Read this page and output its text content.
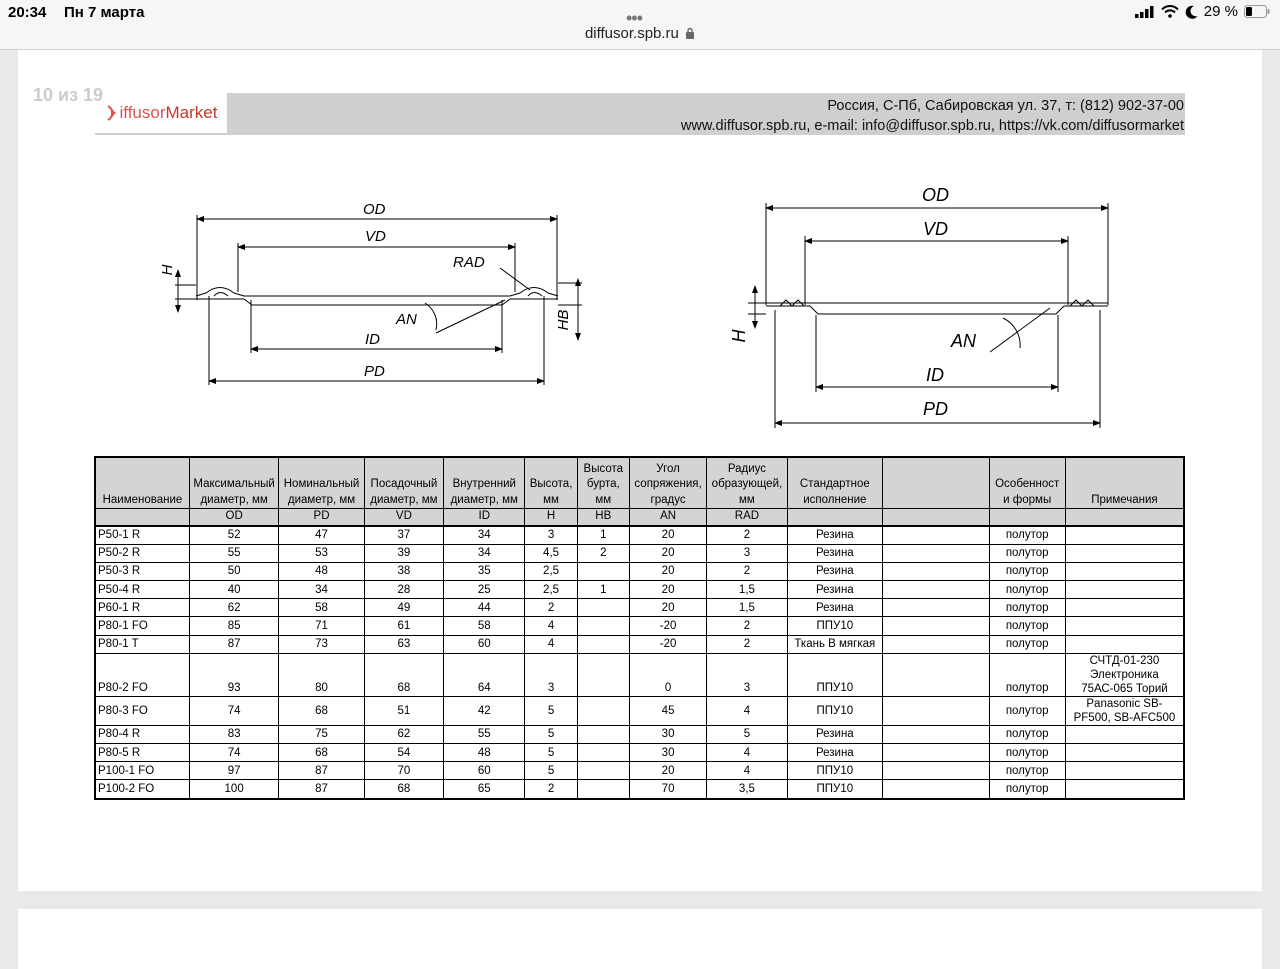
20:34 Пн 7 марта	•••
diffusor.spb.ru
29 %
10 из 19
iffusor Market	Россия, С-Пб, Сабировская ул. 37, т: (812) 902-37-00
www.diffusor.spb.ru, e-mail: info@diffusor.spb.ru, https://vk.com/diffusormarket
OD
VD
RAD
AN
ID
PD
H
HB
OD
VD
AN
ID
PD
H
Наименование	Максимальный диаметр, мм	Номинальный диаметр, мм	Посадочный диаметр, мм	Внутренний диаметр, мм	Высота, мм	Высота бурта, мм	Угол сопряжения, градус	Радиус образующей, мм	Стандартное исполнение		Особенност и формы	Примечания
	OD	PD	VD	ID	H	HB	AN	RAD				
P50-1 R	52	47	37	34	3	1	20	2	Резина		полутор	
P50-2 R	55	53	39	34	4,5	2	20	3	Резина		полутор	
P50-3 R	50	48	38	35	2,5		20	2	Резина		полутор	
P50-4 R	40	34	28	25	2,5	1	20	1,5	Резина		полутор	
P60-1 R	62	58	49	44	2		20	1,5	Резина		полутор	
P80-1 FO	85	71	61	58	4		-20	2	ППУ10		полутор	
P80-1 T	87	73	63	60	4		-20	2	Ткань В мягкая		полутор	
P80-2 FO	93	80	68	64	3		0	3	ППУ10		полутор	СЧТД-01-230 Электроника 75АС-065 Торий
P80-3 FO	74	68	51	42	5		45	4	ППУ10		полутор	Panasonic SB-PF500, SB-AFC500
P80-4 R	83	75	62	55	5		30	5	Резина		полутор	
P80-5 R	74	68	54	48	5		30	4	Резина		полутор	
P100-1 FO	97	87	70	60	5		20	4	ППУ10		полутор	
P100-2 FO	100	87	68	65	2		70	3,5	ППУ10		полутор	
